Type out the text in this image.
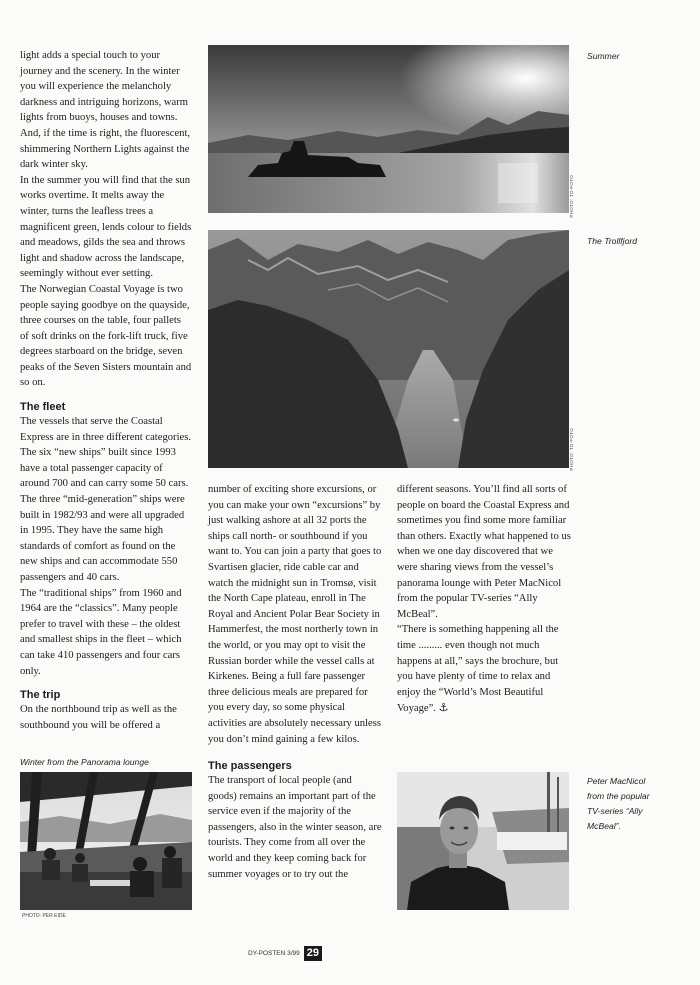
light adds a special touch to your journey and the scenery. In the winter you will experience the melancholy darkness and intriguing horizons, warm lights from buoys, houses and towns. And, if the time is right, the fluorescent, shimmering Northern Lights against the dark winter sky.

In the summer you will find that the sun works overtime. It melts away the winter, turns the leafless trees a magnificent green, lends colour to fields and meadows, gilds the sea and throws light and shadow across the landscape, seemingly without ever setting.

The Norwegian Coastal Voyage is two people saying goodbye on the quayside, three courses on the table, four pallets of soft drinks on the fork-lift truck, five degrees starboard on the bridge, seven peaks of the Seven Sisters mountain and so on.

The fleet

The vessels that serve the Coastal Express are in three different categories. The six “new ships” built since 1993 have a total passenger capacity of around 700 and can carry some 50 cars. The three “mid-generation” ships were built in 1982/93 and were all upgraded in 1995. They have the same high standards of comfort as found on the new ships and can accommodate 550 passengers and 40 cars.

The “traditional ships” from 1960 and 1964 are the “classics”. Many people prefer to travel with these – the oldest and smallest ships in the fleet – which can take 410 passengers and four cars only.

The trip

On the northbound trip as well as the southbound you will be offered a

PHOTO: TO-FOTO
Summer
PHOTO: TO-FOTO
The Trollfjord
Winter from the Panorama lounge
PHOTO: PER EIDE

number of exciting shore excursions, or you can make your own “excursions” by just walking ashore at all 32 ports the ships call north- or southbound if you want to. You can join a party that goes to Svartisen glacier, ride cable car and watch the midnight sun in Tromsø, visit the North Cape plateau, enroll in The Royal and Ancient Polar Bear Society in Hammerfest, the most northerly town in the world, or you may opt to visit the Russian border while the vessel calls at Kirkenes. Being a full fare passenger three delicious meals are prepared for you every day, so some physical activities are absolutely necessary unless you don’t mind gaining a few kilos.

The passengers

The transport of local people (and goods) remains an important part of the service even if the majority of the passengers, also in the winter season, are tourists. They come from all over the world and they keep coming back for summer voyages or to try out the

different seasons. You’ll find all sorts of people on board the Coastal Express and sometimes you find some more familiar than others. Exactly what happened to us when we one day discovered that we were sharing views from the vessel’s panorama lounge with Peter MacNicol from the popular TV-series “Ally McBeal”.

“There is something happening all the time ......... even though not much happens at all,” says the brochure, but you have plenty of time to relax and enjoy the “World’s Most Beautiful Voyage”. ⚓

Peter MacNicol from the popular TV-series “Ally McBeal”.
DY-POSTEN 3/99 29
